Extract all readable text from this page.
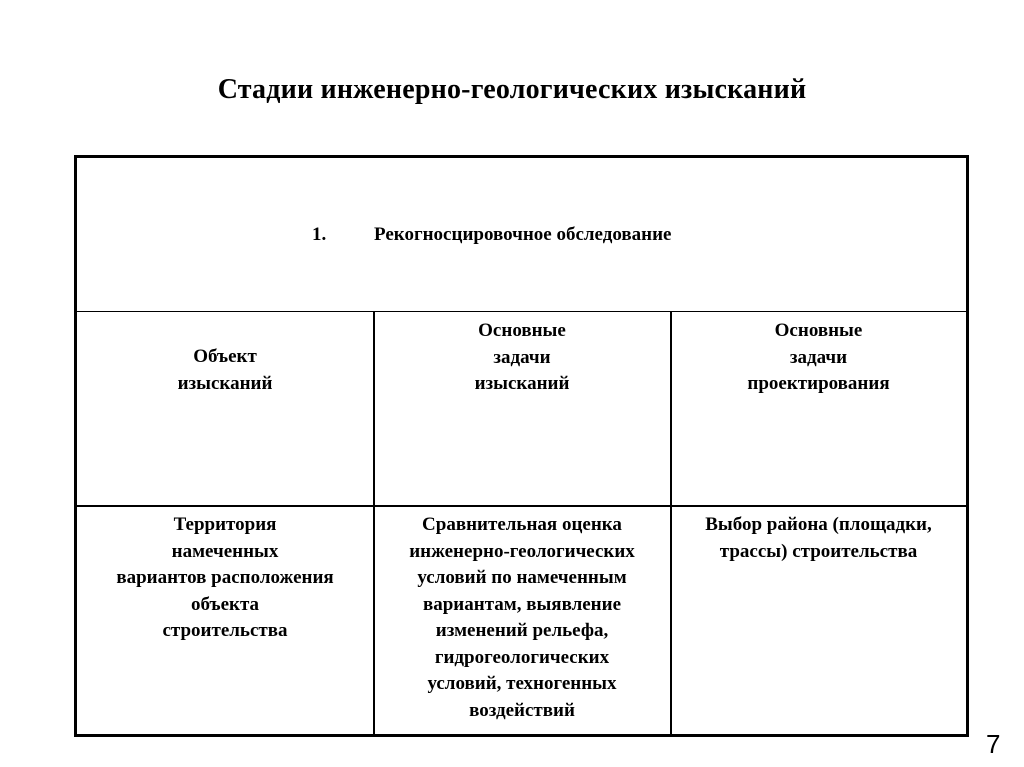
Стадии инженерно-геологических изысканий
1.	Рекогносцировочное обследование
Объект
изысканий
Основные
задачи
изысканий
Основные
задачи
проектирования
Территория
намеченных
вариантов расположения
объекта
строительства
Сравнительная оценка
инженерно-геологических
условий по намеченным
вариантам, выявление
изменений рельефа,
гидрогеологических
условий, техногенных
воздействий
Выбор района (площадки,
трассы) строительства
7
